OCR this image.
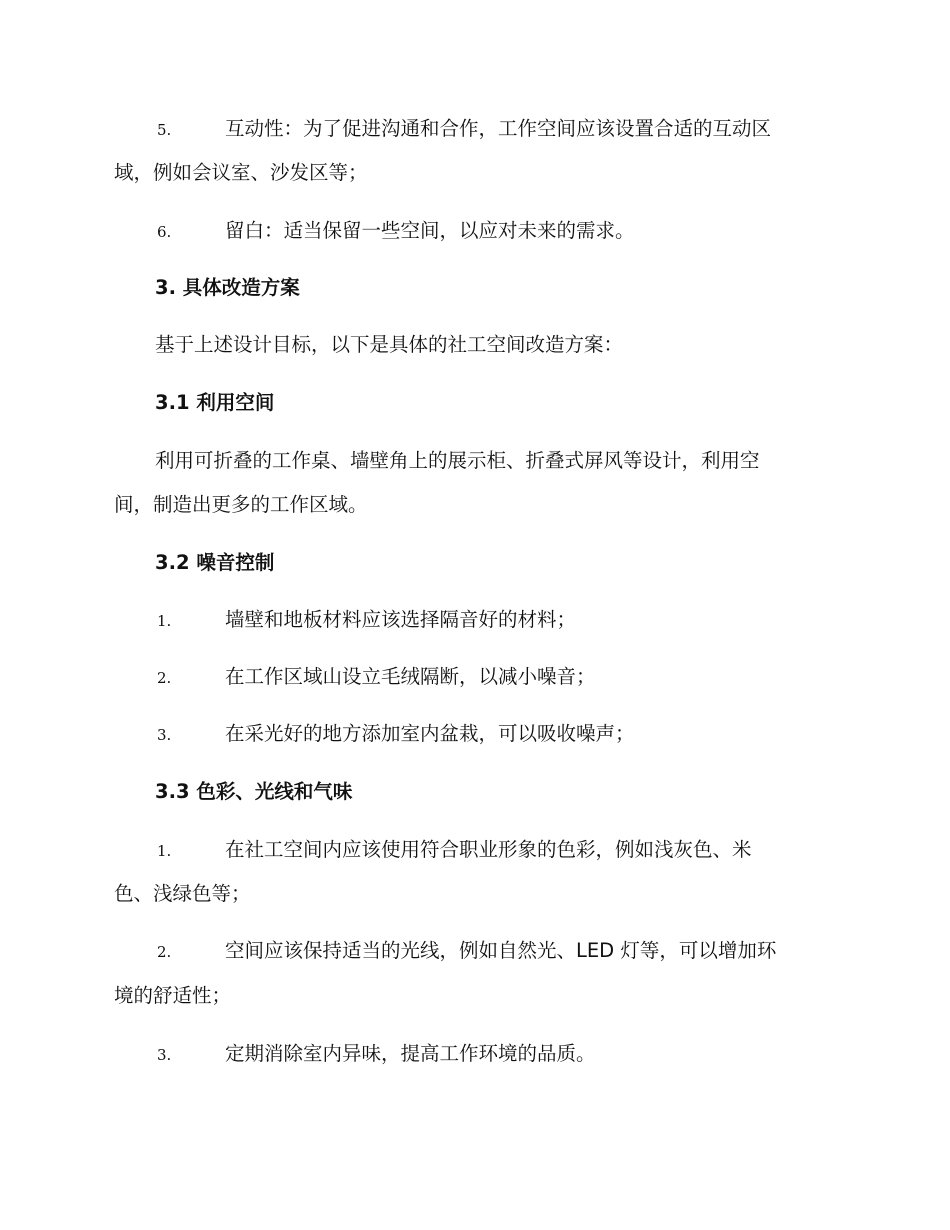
5.	互动性：为了促进沟通和合作，工作空间应该设置合适的互动区
域，例如会议室、沙发区等；
6.	留白：适当保留一些空间，以应对未来的需求。
3. 具体改造方案
基于上述设计目标，以下是具体的社工空间改造方案：
3.1 利用空间
利用可折叠的工作桌、墙壁角上的展示柜、折叠式屏风等设计，利用空
间，制造出更多的工作区域。
3.2 噪音控制
1.	墙壁和地板材料应该选择隔音好的材料；
2.	在工作区域山设立毛绒隔断，以减小噪音；
3.	在采光好的地方添加室内盆栽，可以吸收噪声；
3.3 色彩、光线和气味
1.	在社工空间内应该使用符合职业形象的色彩，例如浅灰色、米
色、浅绿色等；
2.	空间应该保持适当的光线，例如自然光、LED 灯等，可以增加环
境的舒适性；
3.	定期消除室内异味，提高工作环境的品质。
